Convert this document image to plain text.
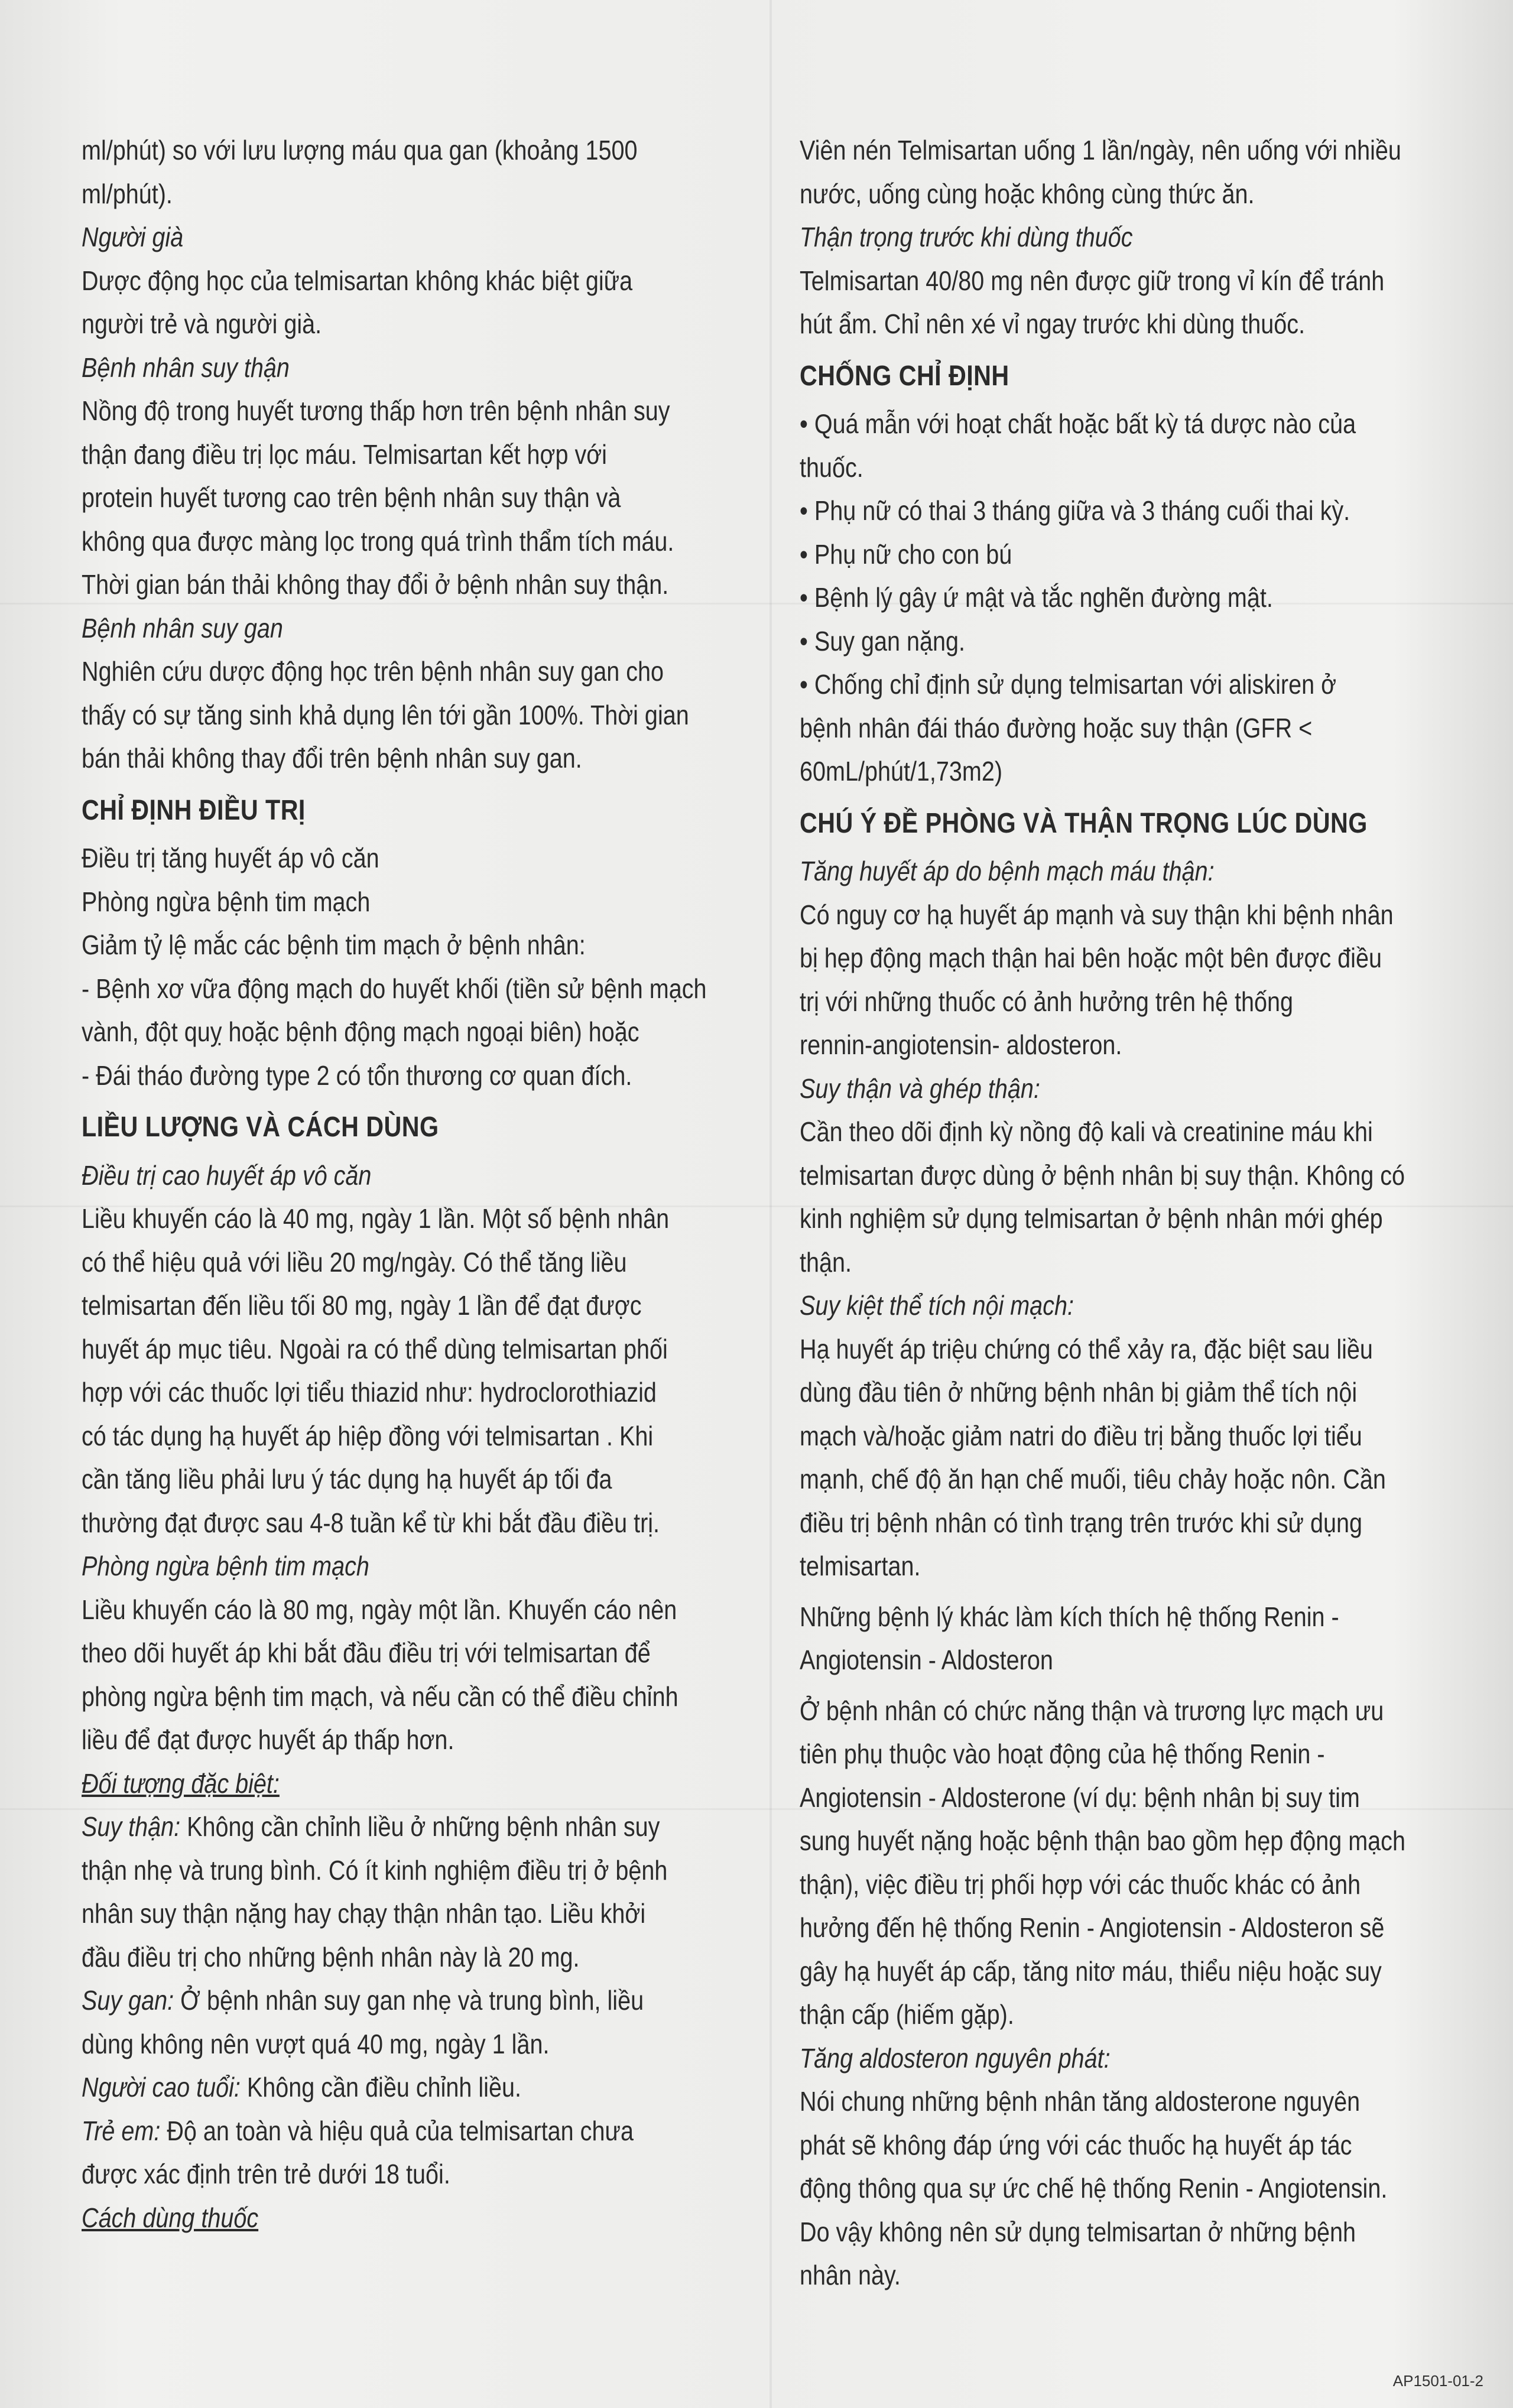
ml/phút) so với lưu lượng máu qua gan (khoảng 1500
ml/phút).
Người già
Dược động học của telmisartan không khác biệt giữa
người trẻ và người già.
Bệnh nhân suy thận
Nồng độ trong huyết tương thấp hơn trên bệnh nhân suy
thận đang điều trị lọc máu. Telmisartan kết hợp với
protein huyết tương cao trên bệnh nhân suy thận và
không qua được màng lọc trong quá trình thẩm tích máu.
Thời gian bán thải không thay đổi ở bệnh nhân suy thận.
Bệnh nhân suy gan
Nghiên cứu dược động học trên bệnh nhân suy gan cho
thấy có sự tăng sinh khả dụng lên tới gần 100%. Thời gian
bán thải không thay đổi trên bệnh nhân suy gan.
CHỈ ĐỊNH ĐIỀU TRỊ
Điều trị tăng huyết áp vô căn
Phòng ngừa bệnh tim mạch
Giảm tỷ lệ mắc các bệnh tim mạch ở bệnh nhân:
- Bệnh xơ vữa động mạch do huyết khối (tiền sử bệnh mạch
vành, đột quỵ hoặc bệnh động mạch ngoại biên) hoặc
- Đái tháo đường type 2 có tổn thương cơ quan đích.
LIỀU LƯỢNG VÀ CÁCH DÙNG
Điều trị cao huyết áp vô căn
Liều khuyến cáo là 40 mg, ngày 1 lần. Một số bệnh nhân
có thể hiệu quả với liều 20 mg/ngày. Có thể tăng liều
telmisartan đến liều tối 80 mg, ngày 1 lần để đạt được
huyết áp mục tiêu. Ngoài ra có thể dùng telmisartan phối
hợp với các thuốc lợi tiểu thiazid như: hydroclorothiazid
có tác dụng hạ huyết áp hiệp đồng với telmisartan . Khi
cần tăng liều phải lưu ý tác dụng hạ huyết áp tối đa
thường đạt được sau 4-8 tuần kể từ khi bắt đầu điều trị.
Phòng ngừa bệnh tim mạch
Liều khuyến cáo là 80 mg, ngày một lần. Khuyến cáo nên
theo dõi huyết áp khi bắt đầu điều trị với telmisartan để
phòng ngừa bệnh tim mạch, và nếu cần có thể điều chỉnh
liều để đạt được huyết áp thấp hơn.
Đối tượng đặc biệt:
Suy thận: Không cần chỉnh liều ở những bệnh nhân suy
thận nhẹ và trung bình. Có ít kinh nghiệm điều trị ở bệnh
nhân suy thận nặng hay chạy thận nhân tạo. Liều khởi
đầu điều trị cho những bệnh nhân này là 20 mg.
Suy gan: Ở bệnh nhân suy gan nhẹ và trung bình, liều
dùng không nên vượt quá 40 mg, ngày 1 lần.
Người cao tuổi: Không cần điều chỉnh liều.
Trẻ em: Độ an toàn và hiệu quả của telmisartan chưa
được xác định trên trẻ dưới 18 tuổi.
Cách dùng thuốc
Viên nén Telmisartan uống 1 lần/ngày, nên uống với nhiều
nước, uống cùng hoặc không cùng thức ăn.
Thận trọng trước khi dùng thuốc
Telmisartan 40/80 mg nên được giữ trong vỉ kín để tránh
hút ẩm. Chỉ nên xé vỉ ngay trước khi dùng thuốc.
CHỐNG CHỈ ĐỊNH
• Quá mẫn với hoạt chất hoặc bất kỳ tá dược nào của
thuốc.
• Phụ nữ có thai 3 tháng giữa và 3 tháng cuối thai kỳ.
• Phụ nữ cho con bú
• Bệnh lý gây ứ mật và tắc nghẽn đường mật.
• Suy gan nặng.
• Chống chỉ định sử dụng telmisartan với aliskiren ở
bệnh nhân đái tháo đường hoặc suy thận (GFR <
60mL/phút/1,73m2)
CHÚ Ý ĐỀ PHÒNG VÀ THẬN TRỌNG LÚC DÙNG
Tăng huyết áp do bệnh mạch máu thận:
Có nguy cơ hạ huyết áp mạnh và suy thận khi bệnh nhân
bị hẹp động mạch thận hai bên hoặc một bên được điều
trị với những thuốc có ảnh hưởng trên hệ thống
rennin-angiotensin- aldosteron.
Suy thận và ghép thận:
Cần theo dõi định kỳ nồng độ kali và creatinine máu khi
telmisartan được dùng ở bệnh nhân bị suy thận. Không có
kinh nghiệm sử dụng telmisartan ở bệnh nhân mới ghép
thận.
Suy kiệt thể tích nội mạch:
Hạ huyết áp triệu chứng có thể xảy ra, đặc biệt sau liều
dùng đầu tiên ở những bệnh nhân bị giảm thể tích nội
mạch và/hoặc giảm natri do điều trị bằng thuốc lợi tiểu
mạnh, chế độ ăn hạn chế muối, tiêu chảy hoặc nôn. Cần
điều trị bệnh nhân có tình trạng trên trước khi sử dụng
telmisartan.
Những bệnh lý khác làm kích thích hệ thống Renin -
Angiotensin - Aldosteron
Ở bệnh nhân có chức năng thận và trương lực mạch ưu
tiên phụ thuộc vào hoạt động của hệ thống Renin -
Angiotensin - Aldosterone (ví dụ: bệnh nhân bị suy tim
sung huyết nặng hoặc bệnh thận bao gồm hẹp động mạch
thận), việc điều trị phối hợp với các thuốc khác có ảnh
hưởng đến hệ thống Renin - Angiotensin - Aldosteron sẽ
gây hạ huyết áp cấp, tăng nitơ máu, thiểu niệu hoặc suy
thận cấp (hiếm gặp).
Tăng aldosteron nguyên phát:
Nói chung những bệnh nhân tăng aldosterone nguyên
phát sẽ không đáp ứng với các thuốc hạ huyết áp tác
động thông qua sự ức chế hệ thống Renin - Angiotensin.
Do vậy không nên sử dụng telmisartan ở những bệnh
nhân này.
AP1501-01-2
